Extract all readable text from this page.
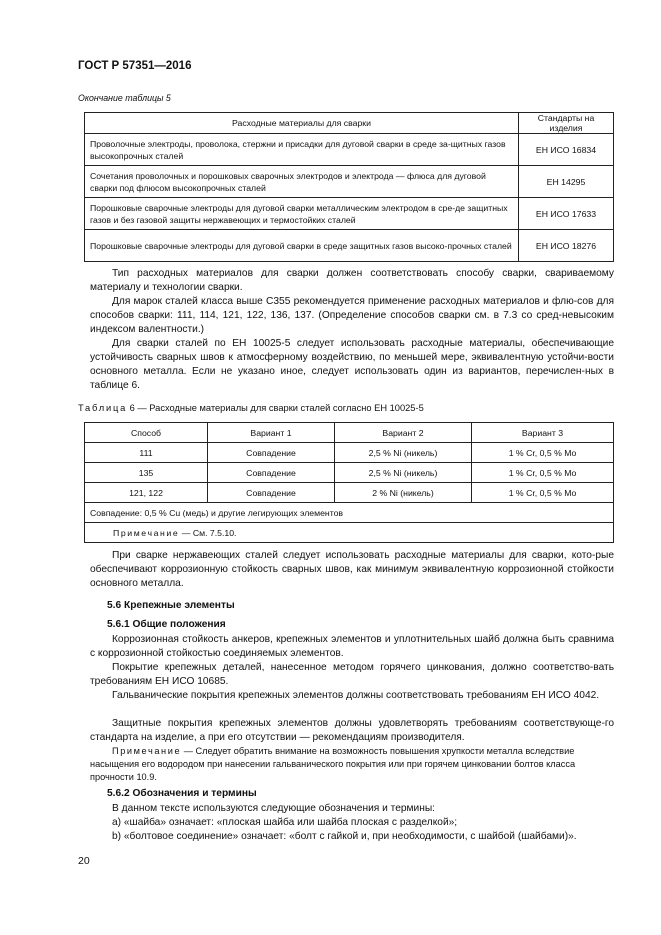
ГОСТ Р 57351—2016
Окончание таблицы 5
Расходные материалы для сварки	Стандарты на изделия
Проволочные электроды, проволока, стержни и присадки для дуговой сварки в среде за-щитных газов высокопрочных сталей	ЕН ИСО 16834
Сочетания проволочных и порошковых сварочных электродов и электрода — флюса для дуговой сварки под флюсом высокопрочных сталей	ЕН 14295
Порошковые сварочные электроды для дуговой сварки металлическим электродом в сре-де защитных газов и без газовой защиты нержавеющих и термостойких сталей	ЕН ИСО 17633
Порошковые сварочные электроды для дуговой сварки в среде защитных газов высоко-прочных сталей	ЕН ИСО 18276
Тип расходных материалов для сварки должен соответствовать способу сварки, свариваемому материалу и технологии сварки.
Для марок сталей класса выше С355 рекомендуется применение расходных материалов и флю-сов для способов сварки: 111, 114, 121, 122, 136, 137. (Определение способов сварки см. в 7.3 со сред-невысоким индексом валентности.)
Для сварки сталей по ЕН 10025-5 следует использовать расходные материалы, обеспечивающие устойчивость сварных швов к атмосферному воздействию, по меньшей мере, эквивалентную устойчи-вости основного металла. Если не указано иное, следует использовать один из вариантов, перечислен-ных в таблице 6.
Таблица 6 — Расходные материалы для сварки сталей согласно ЕН 10025-5
Способ	Вариант 1	Вариант 2	Вариант 3
111	Совпадение	2,5 % Ni (никель)	1 % Cr, 0,5 % Mo
135	Совпадение	2,5 % Ni (никель)	1 % Cr, 0,5 % Mo
121, 122	Совпадение	2 % Ni (никель)	1 % Cr, 0,5 % Mo
Совпадение: 0,5 % Cu (медь) и другие легирующих элементов			
Примечание — См. 7.5.10.			
При сварке нержавеющих сталей следует использовать расходные материалы для сварки, кото-рые обеспечивают коррозионную стойкость сварных швов, как минимум эквивалентную коррозионной стойкости основного металла.
5.6 Крепежные элементы
5.6.1 Общие положения
Коррозионная стойкость анкеров, крепежных элементов и уплотнительных шайб должна быть сравнима с коррозионной стойкостью соединяемых элементов.
Покрытие крепежных деталей, нанесенное методом горячего цинкования, должно соответство-вать требованиям ЕН ИСО 10685.
Гальванические покрытия крепежных элементов должны соответствовать требованиям ЕН ИСО 4042.
Защитные покрытия крепежных элементов должны удовлетворять требованиям соответствующе-го стандарта на изделие, а при его отсутствии — рекомендациям производителя.
Примечание — Следует обратить внимание на возможность повышения хрупкости металла вследствие насыщения его водородом при нанесении гальванического покрытия или при горячем цинковании болтов класса прочности 10.9.
5.6.2 Обозначения и термины
В данном тексте используются следующие обозначения и термины:
a) «шайба» означает: «плоская шайба или шайба плоская с разделкой»;
b) «болтовое соединение» означает: «болт с гайкой и, при необходимости, с шайбой (шайбами)».
20
